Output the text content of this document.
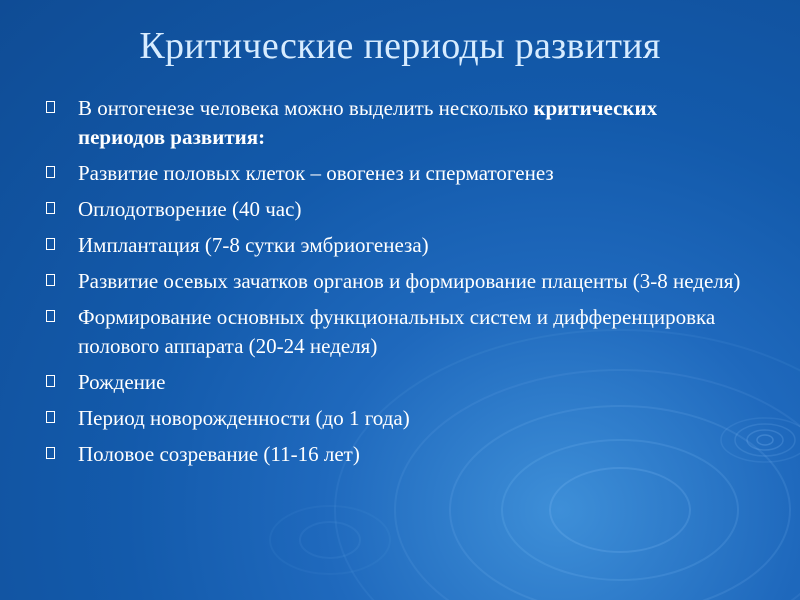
Критические периоды развития
В онтогенезе человека можно выделить несколько критических периодов развития:
Развитие половых клеток – овогенез и сперматогенез
Оплодотворение (40 час)
Имплантация (7-8 сутки эмбриогенеза)
Развитие осевых зачатков органов и формирование плаценты (3-8 неделя)
Формирование основных функциональных систем и дифференцировка полового аппарата (20-24 неделя)
Рождение
Период новорожденности (до 1 года)
Половое созревание (11-16 лет)
